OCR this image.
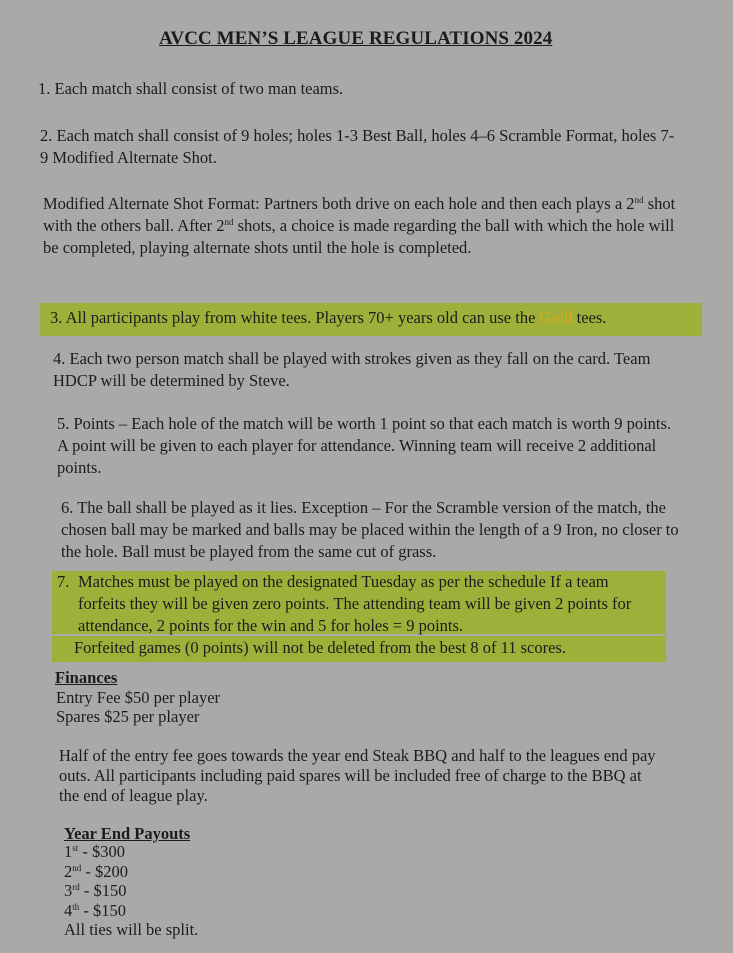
AVCC MEN’S LEAGUE REGULATIONS 2024
1. Each match shall consist of two man teams.
2. Each match shall consist of 9 holes; holes 1-3 Best Ball, holes 4–6 Scramble Format, holes 7-9 Modified Alternate Shot.
Modified Alternate Shot Format: Partners both drive on each hole and then each plays a 2nd shot with the others ball. After 2nd shots, a choice is made regarding the ball with which the hole will be completed, playing alternate shots until the hole is completed.
3. All participants play from white tees. Players 70+ years old can use the Gold tees.
4. Each two person match shall be played with strokes given as they fall on the card. Team HDCP will be determined by Steve.
5. Points – Each hole of the match will be worth 1 point so that each match is worth 9 points. A point will be given to each player for attendance. Winning team will receive 2 additional points.
6. The ball shall be played as it lies. Exception – For the Scramble version of the match, the chosen ball may be marked and balls may be placed within the length of a 9 Iron, no closer to the hole. Ball must be played from the same cut of grass.
7. Matches must be played on the designated Tuesday as per the schedule If a team forfeits they will be given zero points. The attending team will be given 2 points for attendance, 2 points for the win and 5 for holes = 9 points.
Forfeited games (0 points) will not be deleted from the best 8 of 11 scores.
Finances
Entry Fee $50 per player
Spares $25 per player
Half of the entry fee goes towards the year end Steak BBQ and half to the leagues end pay outs. All participants including paid spares will be included free of charge to the BBQ at the end of league play.
Year End Payouts
1st - $300
2nd - $200
3rd - $150
4th - $150
All ties will be split.
